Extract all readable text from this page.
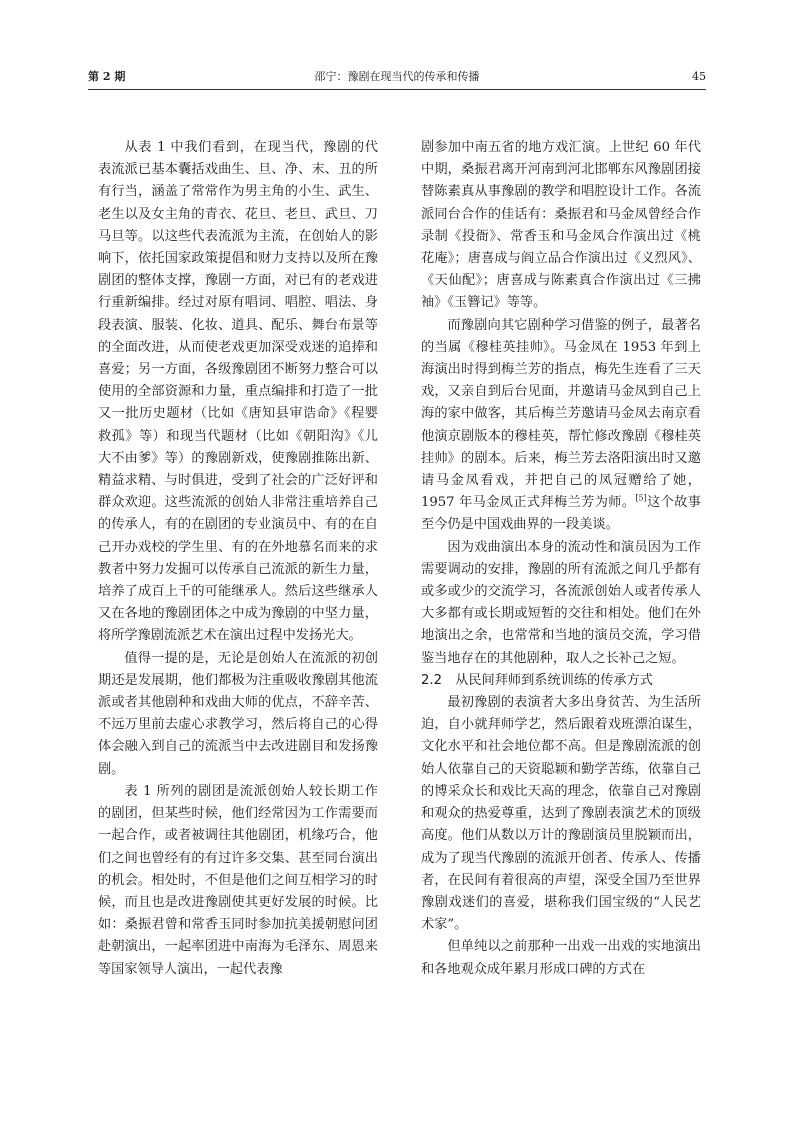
第 2 期	邵宁：豫剧在现当代的传承和传播	45

从表 1 中我们看到，在现当代，豫剧的代表流派已基本囊括戏曲生、旦、净、末、丑的所有行当，涵盖了常常作为男主角的小生、武生、老生以及女主角的青衣、花旦、老旦、武旦、刀马旦等。以这些代表流派为主流，在创始人的影响下，依托国家政策提倡和财力支持以及所在豫剧团的整体支撑，豫剧一方面，对已有的老戏进行重新编排。经过对原有唱词、唱腔、唱法、身段表演、服装、化妆、道具、配乐、舞台布景等的全面改进，从而使老戏更加深受戏迷的追捧和喜爱；另一方面，各级豫剧团不断努力整合可以使用的全部资源和力量，重点编排和打造了一批又一批历史题材（比如《唐知县审诰命》《程婴救孤》等）和现当代题材（比如《朝阳沟》《儿大不由爹》等）的豫剧新戏，使豫剧推陈出新、精益求精、与时俱进，受到了社会的广泛好评和群众欢迎。这些流派的创始人非常注重培养自己的传承人，有的在剧团的专业演员中、有的在自己开办戏校的学生里、有的在外地慕名而来的求教者中努力发掘可以传承自己流派的新生力量，培养了成百上千的可能继承人。然后这些继承人又在各地的豫剧团体之中成为豫剧的中坚力量，将所学豫剧流派艺术在演出过程中发扬光大。

值得一提的是，无论是创始人在流派的初创期还是发展期，他们都极为注重吸收豫剧其他流派或者其他剧种和戏曲大师的优点，不辞辛苦、不远万里前去虚心求教学习，然后将自己的心得体会融入到自己的流派当中去改进剧目和发扬豫剧。

表 1 所列的剧团是流派创始人较长期工作的剧团，但某些时候，他们经常因为工作需要而一起合作，或者被调往其他剧团，机缘巧合，他们之间也曾经有的有过许多交集、甚至同台演出的机会。相处时，不但是他们之间互相学习的时候，而且也是改进豫剧使其更好发展的时候。比如：桑振君曾和常香玉同时参加抗美援朝慰问团赴朝演出，一起率团进中南海为毛泽东、周恩来等国家领导人演出，一起代表豫

剧参加中南五省的地方戏汇演。上世纪 60 年代中期，桑振君离开河南到河北邯郸东风豫剧团接替陈素真从事豫剧的教学和唱腔设计工作。各流派同台合作的佳话有：桑振君和马金凤曾经合作录制《投衙》、常香玉和马金凤合作演出过《桃花庵》；唐喜成与阎立品合作演出过《义烈风》、《天仙配》；唐喜成与陈素真合作演出过《三拂袖》《玉簪记》等等。

而豫剧向其它剧种学习借鉴的例子，最著名的当属《穆桂英挂帅》。马金凤在 1953 年到上海演出时得到梅兰芳的指点，梅先生连看了三天戏，又亲自到后台见面，并邀请马金凤到自己上海的家中做客，其后梅兰芳邀请马金凤去南京看他演京剧版本的穆桂英，帮忙修改豫剧《穆桂英挂帅》的剧本。后来，梅兰芳去洛阳演出时又邀请马金凤看戏，并把自己的凤冠赠给了她，1957 年马金凤正式拜梅兰芳为师。[5]这个故事至今仍是中国戏曲界的一段美谈。

因为戏曲演出本身的流动性和演员因为工作需要调动的安排，豫剧的所有流派之间几乎都有或多或少的交流学习，各流派创始人或者传承人大多都有或长期或短暂的交往和相处。他们在外地演出之余，也常常和当地的演员交流，学习借鉴当地存在的其他剧种，取人之长补己之短。

2.2　从民间拜师到系统训练的传承方式

最初豫剧的表演者大多出身贫苦、为生活所迫，自小就拜师学艺，然后跟着戏班漂泊谋生，文化水平和社会地位都不高。但是豫剧流派的创始人依靠自己的天资聪颖和勤学苦练，依靠自己的博采众长和戏比天高的理念，依靠自己对豫剧和观众的热爱尊重，达到了豫剧表演艺术的顶级高度。他们从数以万计的豫剧演员里脱颖而出，成为了现当代豫剧的流派开创者、传承人、传播者，在民间有着很高的声望，深受全国乃至世界豫剧戏迷们的喜爱，堪称我们国宝级的“人民艺术家”。

但单纯以之前那种一出戏一出戏的实地演出和各地观众成年累月形成口碑的方式在
